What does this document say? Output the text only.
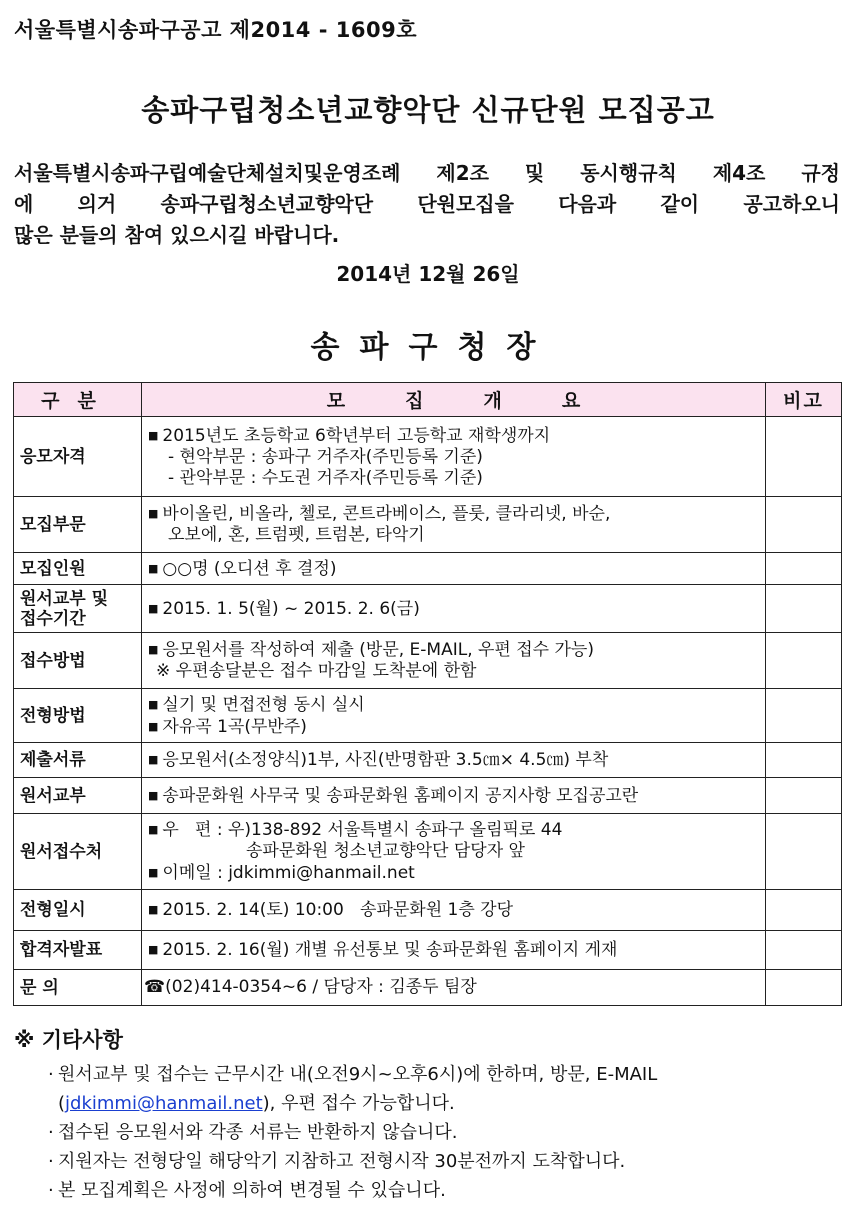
서울특별시송파구공고 제2014 - 1609호
송파구립청소년교향악단 신규단원 모집공고

서울특별시송파구립예술단체설치및운영조례 제2조 및 동시행규칙 제4조 규정

에 의거 송파구립청소년교향악단 단원모집을 다음과 같이 공고하오니

많은 분들의 참여 있으시길 바랍니다.

2014년 12월 26일
송파구청장
구분	모집개요	비고
응모자격	■ 2015년도 초등학교 6학년부터 고등학교 재학생까지
- 현악부문 : 송파구 거주자(주민등록 기준)
- 관악부문 : 수도권 거주자(주민등록 기준)	

모집부문	■ 바이올린, 비올라, 첼로, 콘트라베이스, 플룻, 클라리넷, 바순,
오보에, 혼, 트럼펫, 트럼본, 타악기	

모집인원	■ ○○명 (오디션 후 결정)	

원서교부 및
접수기간	■ 2015. 1. 5(월) ~ 2015. 2. 6(금)	

접수방법	■ 응모원서를 작성하여 제출 (방문, E-MAIL, 우편 접수 가능)
※ 우편송달분은 접수 마감일 도착분에 한함	

전형방법	■ 실기 및 면접전형 동시 실시
■ 자유곡 1곡(무반주)	

제출서류	■ 응모원서(소정양식)1부, 사진(반명함판 3.5㎝× 4.5㎝) 부착	

원서교부	■ 송파문화원 사무국 및 송파문화원 홈페이지 공지사항 모집공고란	

원서접수처	■ 우   편 : 우)138-892 서울특별시 송파구 올림픽로 44
송파문화원 청소년교향악단 담당자 앞
■ 이메일 : jdkimmi@hanmail.net	

전형일시	■ 2015. 2. 14(토) 10:00   송파문화원 1층 강당	

합격자발표	■ 2015. 2. 16(월) 개별 유선통보 및 송파문화원 홈페이지 게재	

문 의	☎(02)414-0354~6 / 담당자 : 김종두 팀장	

※ 기타사항
· 원서교부 및 접수는 근무시간 내(오전9시~오후6시)에 한하며, 방문, E-MAIL
(jdkimmi@hanmail.net), 우편 접수 가능합니다.
· 접수된 응모원서와 각종 서류는 반환하지 않습니다.
· 지원자는 전형당일 해당악기 지참하고 전형시작 30분전까지 도착합니다.
· 본 모집계획은 사정에 의하여 변경될 수 있습니다.
